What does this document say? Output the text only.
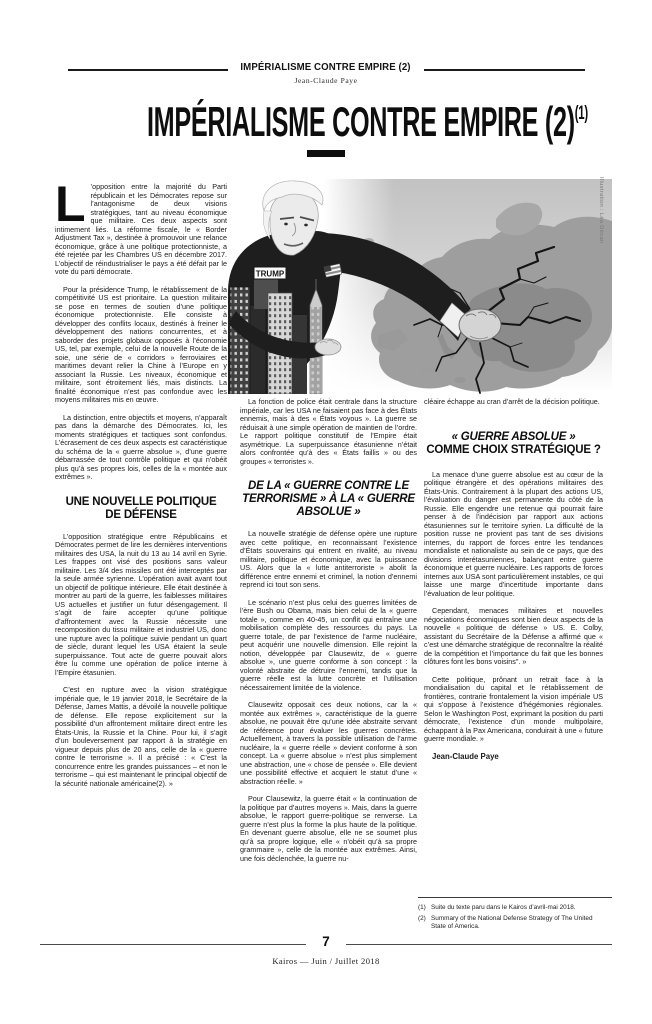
IMPÉRIALISME CONTRE EMPIRE (2)
Jean-Claude Paye
IMPÉRIALISME CONTRE EMPIRE $(2)^{(1)}$
TRUMP
Illustration : Léa Décan

L ’opposition entre la majorité du Parti républicain et les Démocrates repose sur l’antagonisme de deux visions stratégiques, tant au niveau économique que militaire. Ces deux aspects sont intimement liés. La réforme fiscale, le « Border Adjustment Tax », destinée à promouvoir une relance économique, grâce à une politique protectionniste, a été rejetée par les Chambres US en décembre 2017. L’objectif de réindustrialiser le pays a été défait par le vote du parti démocrate.

Pour la présidence Trump, le rétablissement de la compétitivité US est prioritaire. La question militaire se pose en termes de soutien d’une politique économique protectionniste. Elle consiste à développer des conflits locaux, destinés à freiner le développement des nations concurrentes, et à saborder des projets globaux opposés à l’économie US, tel, par exemple, celui de la nouvelle Route de la soie, une série de « corridors » ferroviaires et maritimes devant relier la Chine à l’Europe en y associant la Russie. Les niveaux, économique et militaire, sont étroitement liés, mais distincts. La finalité économique n’est pas confondue avec les moyens militaires mis en œuvre.

La distinction, entre objectifs et moyens, n’apparaît pas dans la démarche des Démocrates. Ici, les moments stratégiques et tactiques sont confondus. L’écrasement de ces deux aspects est caractéristique du schéma de la « guerre absolue », d’une guerre débarrassée de tout contrôle politique et qui n’obéit plus qu’à ses propres lois, celles de la « montée aux extrêmes ».

UNE NOUVELLE POLITIQUE DE DÉFENSE

L’opposition stratégique entre Républicains et Démocrates permet de lire les dernières interventions militaires des USA, la nuit du 13 au 14 avril en Syrie. Les frappes ont visé des positions sans valeur militaire. Les 3/4 des missiles ont été interceptés par la seule armée syrienne. L’opération avait avant tout un objectif de politique intérieure. Elle était destinée à montrer au parti de la guerre, les faiblesses militaires US actuelles et justifier un futur désengagement. Il s’agit de faire accepter qu’une politique d’affrontement avec la Russie nécessite une recomposition du tissu militaire et industriel US, donc une rupture avec la politique suivie pendant un quart de siècle, durant lequel les USA étaient la seule superpuissance. Tout acte de guerre pouvait alors être lu comme une opération de police interne à l’Empire étasunien.

C’est en rupture avec la vision stratégique impériale que, le 19 janvier 2018, le Secrétaire de la Défense, James Mattis, a dévoilé la nouvelle politique de défense. Elle repose explicitement sur la possibilité d’un affrontement militaire direct entre les États-Unis, la Russie et la Chine. Pour lui, il s’agit d’un bouleversement par rapport à la stratégie en vigueur depuis plus de 20 ans, celle de la « guerre contre le terrorisme ». Il a précisé : « C’est la concurrence entre les grandes puissances – et non le terrorisme – qui est maintenant le principal objectif de la sécurité nationale américaine(2). »

La fonction de police était centrale dans la structure impériale, car les USA ne faisaient pas face à des États ennemis, mais à des « États voyous ». La guerre se réduisait à une simple opération de maintien de l’ordre. Le rapport politique constitutif de l’Empire était asymétrique. La superpuissance étasunienne n’était alors confrontée qu’à des « États faillis » ou des groupes « terroristes ».

DE LA « GUERRE CONTRE LE TERRORISME » À LA « GUERRE ABSOLUE »

La nouvelle stratégie de défense opère une rupture avec cette politique, en reconnaissant l’existence d’États souverains qui entrent en rivalité, au niveau militaire, politique et économique, avec la puissance US. Alors que la « lutte antiterroriste » abolit la différence entre ennemi et criminel, la notion d’ennemi reprend ici tout son sens.

Le scénario n’est plus celui des guerres limitées de l’ère Bush ou Obama, mais bien celui de la « guerre totale », comme en 40-45, un conflit qui entraîne une mobilisation complète des ressources du pays. La guerre totale, de par l’existence de l’arme nucléaire, peut acquérir une nouvelle dimension. Elle rejoint la notion, développée par Clausewitz, de « guerre absolue », une guerre conforme à son concept : la volonté abstraite de détruire l’ennemi, tandis que la guerre réelle est la lutte concrète et l’utilisation nécessairement limitée de la violence.

Clausewitz opposait ces deux notions, car la « montée aux extrêmes », caractéristique de la guerre absolue, ne pouvait être qu’une idée abstraite servant de référence pour évaluer les guerres concrètes. Actuellement, à travers la possible utilisation de l’arme nucléaire, la « guerre réelle » devient conforme à son concept. La « guerre absolue » n’est plus simplement une abstraction, une « chose de pensée ». Elle devient une possibilité effective et acquiert le statut d’une « abstraction réelle. »

Pour Clausewitz, la guerre était « la continuation de la politique par d’autres moyens ». Mais, dans la guerre absolue, le rapport guerre-politique se renverse. La guerre n’est plus la forme la plus haute de la politique. En devenant guerre absolue, elle ne se soumet plus qu’à sa propre logique, elle « n’obéit qu’à sa propre grammaire », celle de la montée aux extrêmes. Ainsi, une fois déclenchée, la guerre nu-

cléaire échappe au cran d’arrêt de la décision politique.

« GUERRE ABSOLUE »
COMME CHOIX STRATÉGIQUE ?

La menace d’une guerre absolue est au cœur de la politique étrangère et des opérations militaires des États-Unis. Contrairement à la plupart des actions US, l’évaluation du danger est permanente du côté de la Russie. Elle engendre une retenue qui pourrait faire penser à de l’indécision par rapport aux actions étasuniennes sur le territoire syrien. La difficulté de la position russe ne provient pas tant de ses divisions internes, du rapport de forces entre les tendances mondialiste et nationaliste au sein de ce pays, que des divisions interétasuniennes, balançant entre guerre économique et guerre nucléaire. Les rapports de forces internes aux USA sont particulièrement instables, ce qui laisse une marge d’incertitude importante dans l’évaluation de leur politique.

Cependant, menaces militaires et nouvelles négociations économiques sont bien deux aspects de la nouvelle « politique de défense » US. E. Colby, assistant du Secrétaire de la Défense a affirmé que « c’est une démarche stratégique de reconnaître la réalité de la compétition et l’importance du fait que les bonnes clôtures font les bons voisins". »

Cette politique, prônant un retrait face à la mondialisation du capital et le rétablissement de frontières, contrarie frontalement la vision impériale US qui s’oppose à l’existence d’hégémonies régionales. Selon le Washington Post, exprimant la position du parti démocrate, l’existence d’un monde multipolaire, échappant à la Pax Americana, conduirait à une « future guerre mondiale. »

Jean-Claude Paye

(1) Suite du texte paru dans le Kairos d’avril-mai 2018.
(2) Summary of the National Defense Strategy of The United State of America.
7
Kairos — Juin / Juillet 2018
